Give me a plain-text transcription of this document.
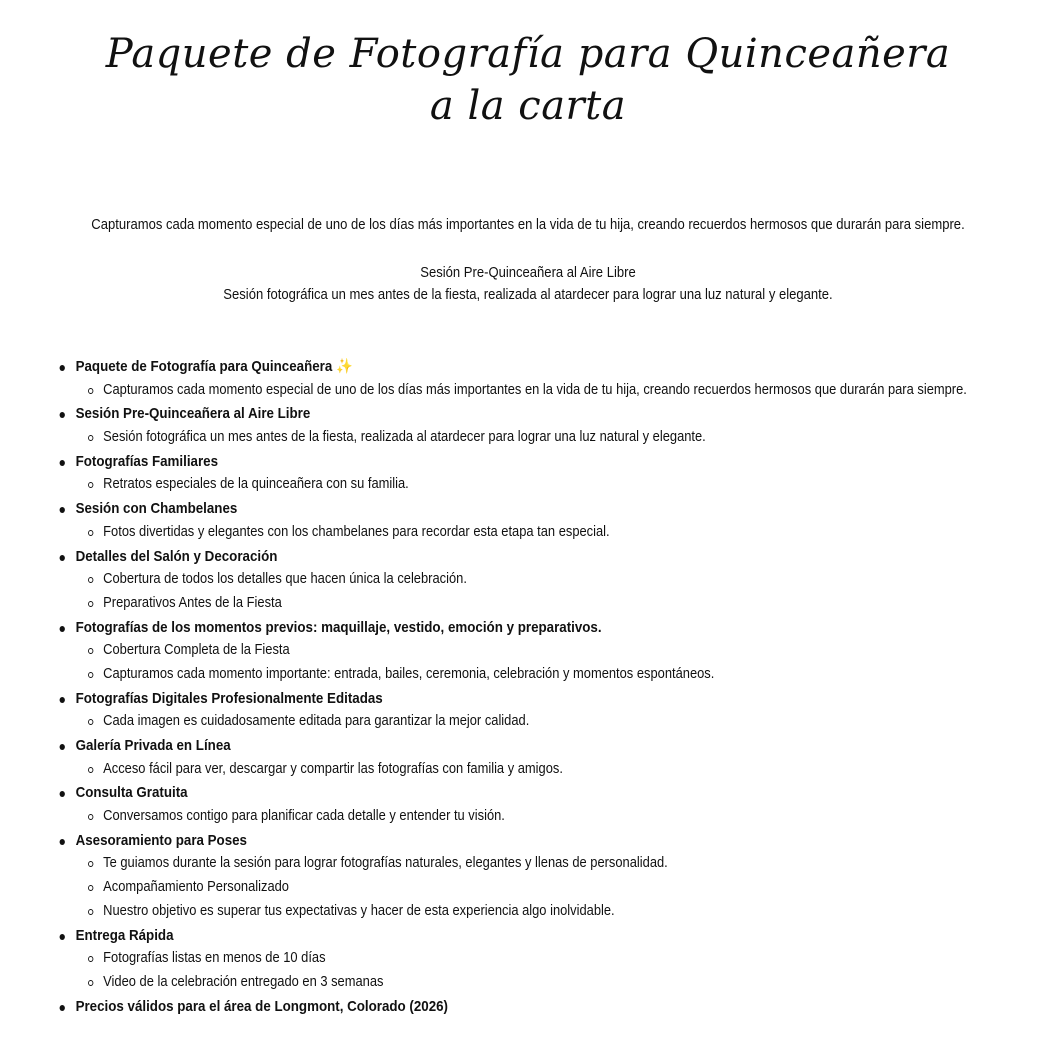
Paquete de Fotografía para Quinceañera
a la carta

Capturamos cada momento especial de uno de los días más importantes en la vida de tu hija, creando recuerdos hermosos que durarán para siempre.

Sesión Pre-Quinceañera al Aire Libre

Sesión fotográfica un mes antes de la fiesta, realizada al atardecer para lograr una luz natural y elegante.

Paquete de Fotografía para Quinceañera ✨
Capturamos cada momento especial de uno de los días más importantes en la vida de tu hija, creando recuerdos hermosos que durarán para siempre.
Sesión Pre-Quinceañera al Aire Libre
Sesión fotográfica un mes antes de la fiesta, realizada al atardecer para lograr una luz natural y elegante.
Fotografías Familiares
Retratos especiales de la quinceañera con su familia.
Sesión con Chambelanes
Fotos divertidas y elegantes con los chambelanes para recordar esta etapa tan especial.
Detalles del Salón y Decoración
Cobertura de todos los detalles que hacen única la celebración.
Preparativos Antes de la Fiesta
Fotografías de los momentos previos: maquillaje, vestido, emoción y preparativos.
Cobertura Completa de la Fiesta
Capturamos cada momento importante: entrada, bailes, ceremonia, celebración y momentos espontáneos.
Fotografías Digitales Profesionalmente Editadas
Cada imagen es cuidadosamente editada para garantizar la mejor calidad.
Galería Privada en Línea
Acceso fácil para ver, descargar y compartir las fotografías con familia y amigos.
Consulta Gratuita
Conversamos contigo para planificar cada detalle y entender tu visión.
Asesoramiento para Poses
Te guiamos durante la sesión para lograr fotografías naturales, elegantes y llenas de personalidad.
Acompañamiento Personalizado
Nuestro objetivo es superar tus expectativas y hacer de esta experiencia algo inolvidable.
Entrega Rápida
Fotografías listas en menos de 10 días
Video de la celebración entregado en 3 semanas
Precios válidos para el área de Longmont, Colorado (2026)
